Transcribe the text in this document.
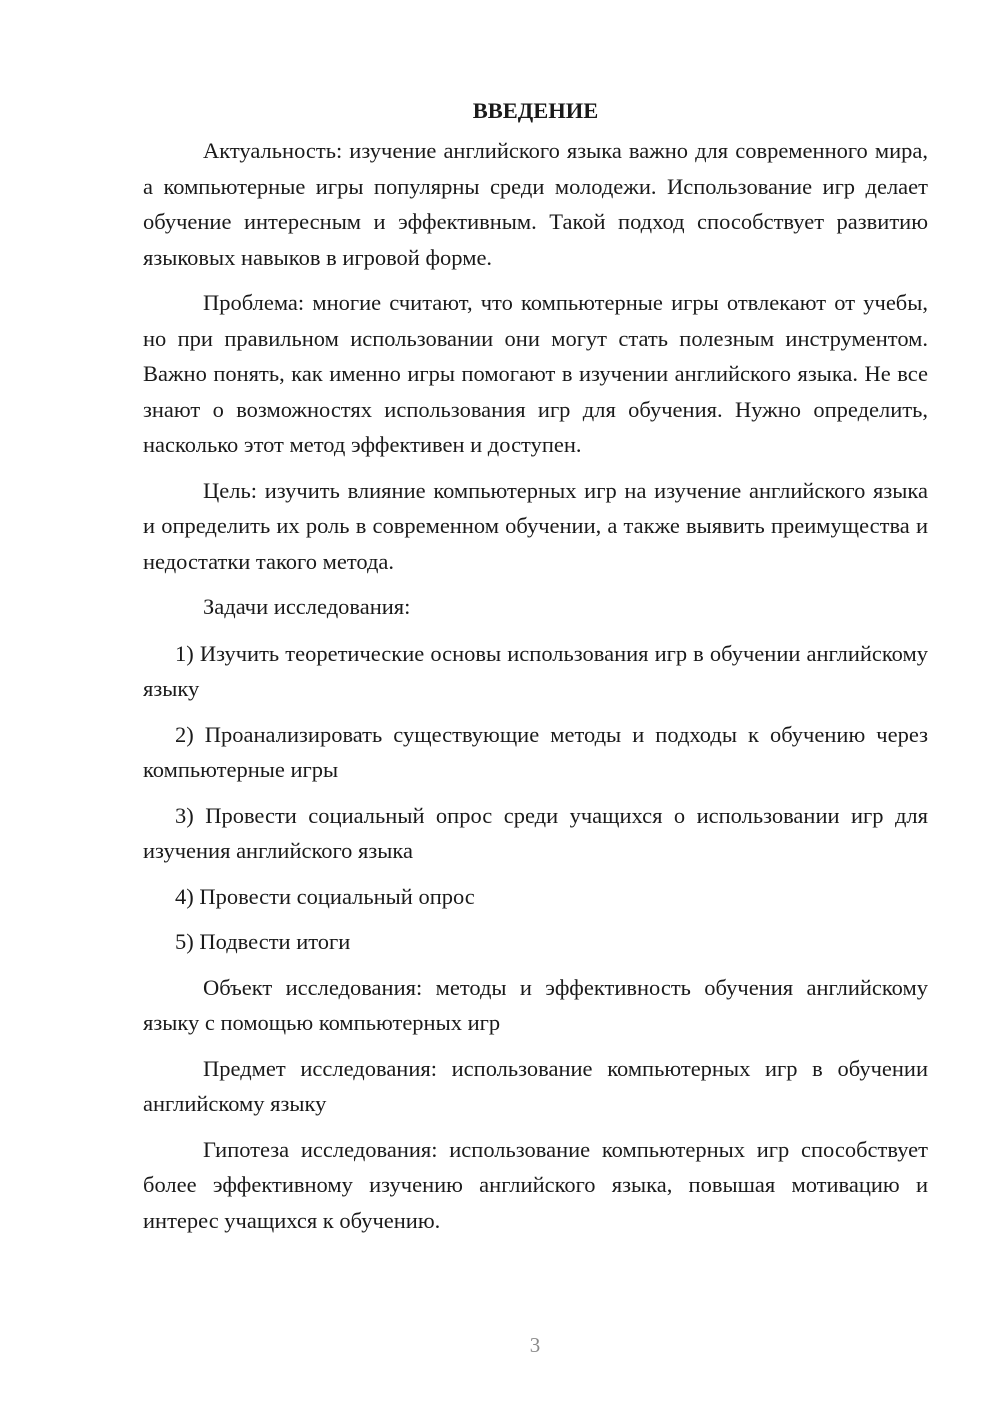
ВВЕДЕНИЕ
Актуальность: изучение английского языка важно для современного мира, а компьютерные игры популярны среди молодежи. Использование игр делает обучение интересным и эффективным. Такой подход способствует развитию языковых навыков в игровой форме.
Проблема: многие считают, что компьютерные игры отвлекают от учебы, но при правильном использовании они могут стать полезным инструментом. Важно понять, как именно игры помогают в изучении английского языка. Не все знают о возможностях использования игр для обучения. Нужно определить, насколько этот метод эффективен и доступен.
Цель: изучить влияние компьютерных игр на изучение английского языка и определить их роль в современном обучении, а также выявить преимущества и недостатки такого метода.
Задачи исследования:
1) Изучить теоретические основы использования игр в обучении английскому языку
2) Проанализировать существующие методы и подходы к обучению через компьютерные игры
3) Провести социальный опрос среди учащихся о использовании игр для изучения английского языка
4) Провести социальный опрос
5) Подвести итоги
Объект исследования: методы и эффективность обучения английскому языку с помощью компьютерных игр
Предмет исследования: использование компьютерных игр в обучении английскому языку
Гипотеза исследования: использование компьютерных игр способствует более эффективному изучению английского языка, повышая мотивацию и интерес учащихся к обучению.
3
